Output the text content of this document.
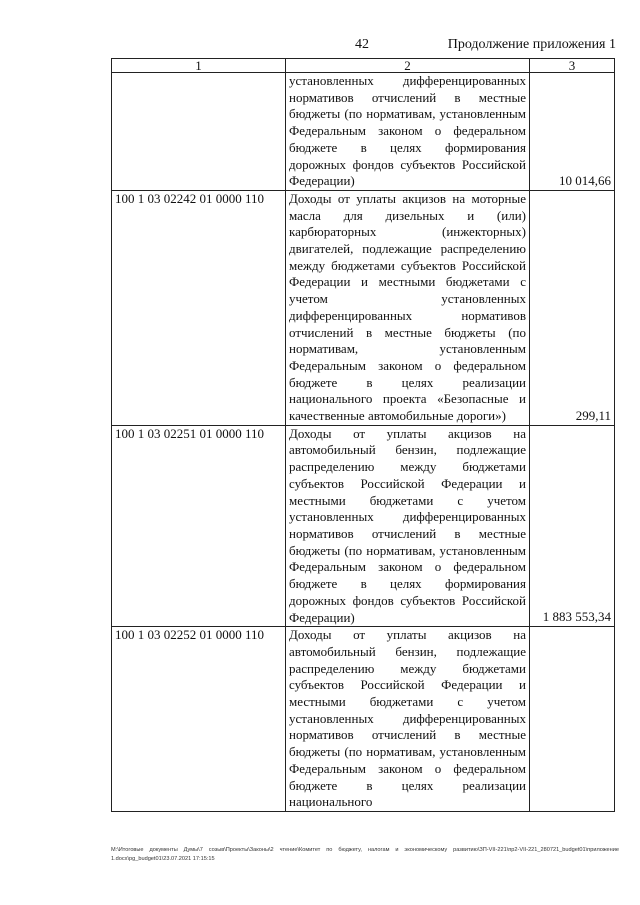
42	Продолжение приложения 1
1	2	3
	установленных дифференцированных нормативов отчислений в местные бюджеты (по нормативам, установленным Федеральным законом о федеральном бюджете в целях формирования дорожных фондов субъектов Российской Федерации)	10 014,66
100 1 03 02242 01 0000 110	Доходы от уплаты акцизов на моторные масла для дизельных и (или) карбюраторных (инжекторных) двигателей, подлежащие распределению между бюджетами субъектов Российской Федерации и местными бюджетами с учетом установленных дифференцированных нормативов отчислений в местные бюджеты (по нормативам, установленным Федеральным законом о федеральном бюджете в целях реализации национального проекта «Безопасные и качественные автомобильные дороги»)	299,11
100 1 03 02251 01 0000 110	Доходы от уплаты акцизов на автомобильный бензин, подлежащие распределению между бюджетами субъектов Российской Федерации и местными бюджетами с учетом установленных дифференцированных нормативов отчислений в местные бюджеты (по нормативам, установленным Федеральным законом о федеральном бюджете в целях формирования дорожных фондов субъектов Российской Федерации)	1 883 553,34
100 1 03 02252 01 0000 110	Доходы от уплаты акцизов на автомобильный бензин, подлежащие распределению между бюджетами субъектов Российской Федерации и местными бюджетами с учетом установленных дифференцированных нормативов отчислений в местные бюджеты (по нормативам, установленным Федеральным законом о федеральном бюджете в целях реализации национального	
М:\Итоговые документы Думы\7 созыв\Проекты\Законы\2 чтение\Комитет по бюджету, налогам и экономическому развитию\ЗП-VII-221\пр2-VII-221_280721_budget01\приложение 1.docx\pg_budget01\23.07.2021 17:15:15
